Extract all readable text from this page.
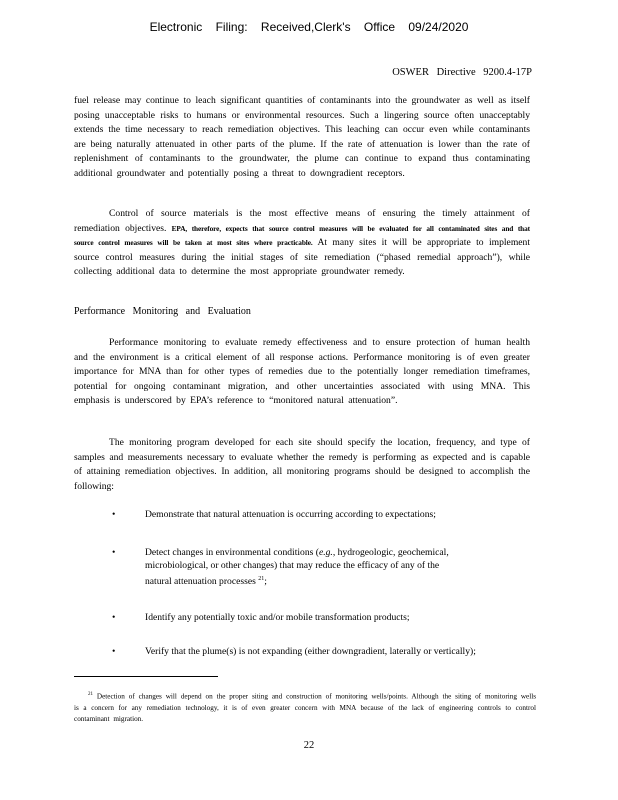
Electronic Filing: Received,Clerk's Office 09/24/2020
OSWER Directive 9200.4-17P
fuel release may continue to leach significant quantities of contaminants into the groundwater as well as itself posing unacceptable risks to humans or environmental resources. Such a lingering source often unacceptably extends the time necessary to reach remediation objectives. This leaching can occur even while contaminants are being naturally attenuated in other parts of the plume. If the rate of attenuation is lower than the rate of replenishment of contaminants to the groundwater, the plume can continue to expand thus contaminating additional groundwater and potentially posing a threat to downgradient receptors.
Control of source materials is the most effective means of ensuring the timely attainment of remediation objectives. EPA, therefore, expects that source control measures will be evaluated for all contaminated sites and that source control measures will be taken at most sites where practicable. At many sites it will be appropriate to implement source control measures during the initial stages of site remediation (“phased remedial approach”), while collecting additional data to determine the most appropriate groundwater remedy.
Performance Monitoring and Evaluation
Performance monitoring to evaluate remedy effectiveness and to ensure protection of human health and the environment is a critical element of all response actions. Performance monitoring is of even greater importance for MNA than for other types of remedies due to the potentially longer remediation timeframes, potential for ongoing contaminant migration, and other uncertainties associated with using MNA. This emphasis is underscored by EPA’s reference to “monitored natural attenuation”.
The monitoring program developed for each site should specify the location, frequency, and type of samples and measurements necessary to evaluate whether the remedy is performing as expected and is capable of attaining remediation objectives. In addition, all monitoring programs should be designed to accomplish the following:
•	Demonstrate that natural attenuation is occurring according to expectations;
•	Detect changes in environmental conditions (e.g., hydrogeologic, geochemical, microbiological, or other changes) that may reduce the efficacy of any of the natural attenuation processes $^{21}$;
•	Identify any potentially toxic and/or mobile transformation products;
•	Verify that the plume(s) is not expanding (either downgradient, laterally or vertically);
$^{21}$ Detection of changes will depend on the proper siting and construction of monitoring wells/points. Although the siting of monitoring wells is a concern for any remediation technology, it is of even greater concern with MNA because of the lack of engineering controls to control contaminant migration.
22
